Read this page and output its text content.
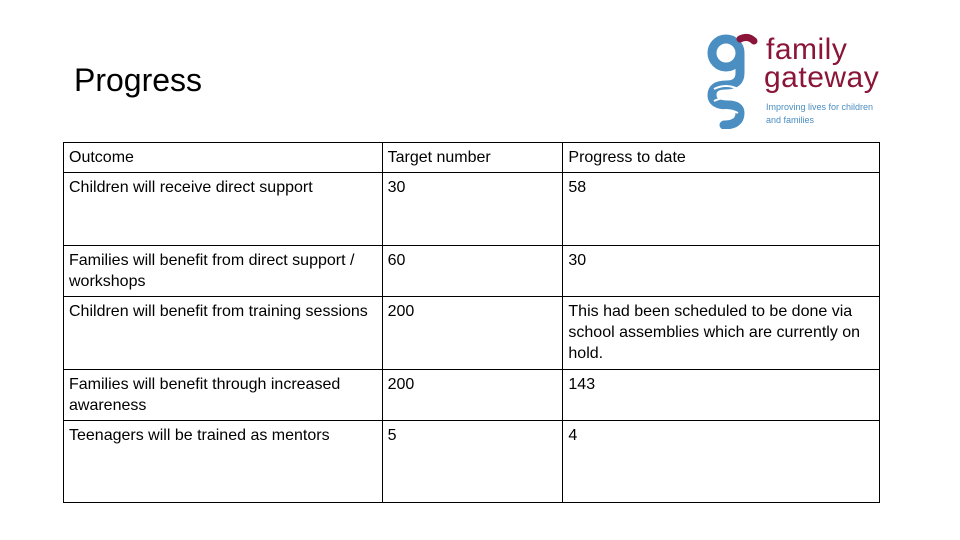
Progress
family
gateway
Improving lives for children
and families
Outcome	Target number	Progress to date
Children will receive direct support	30	58
Families will benefit from direct support / workshops	60	30
Children will benefit from training sessions	200	This had been scheduled to be done via school assemblies which are currently on hold.
Families will benefit through increased awareness	200	143
Teenagers will be trained as mentors	5	4
